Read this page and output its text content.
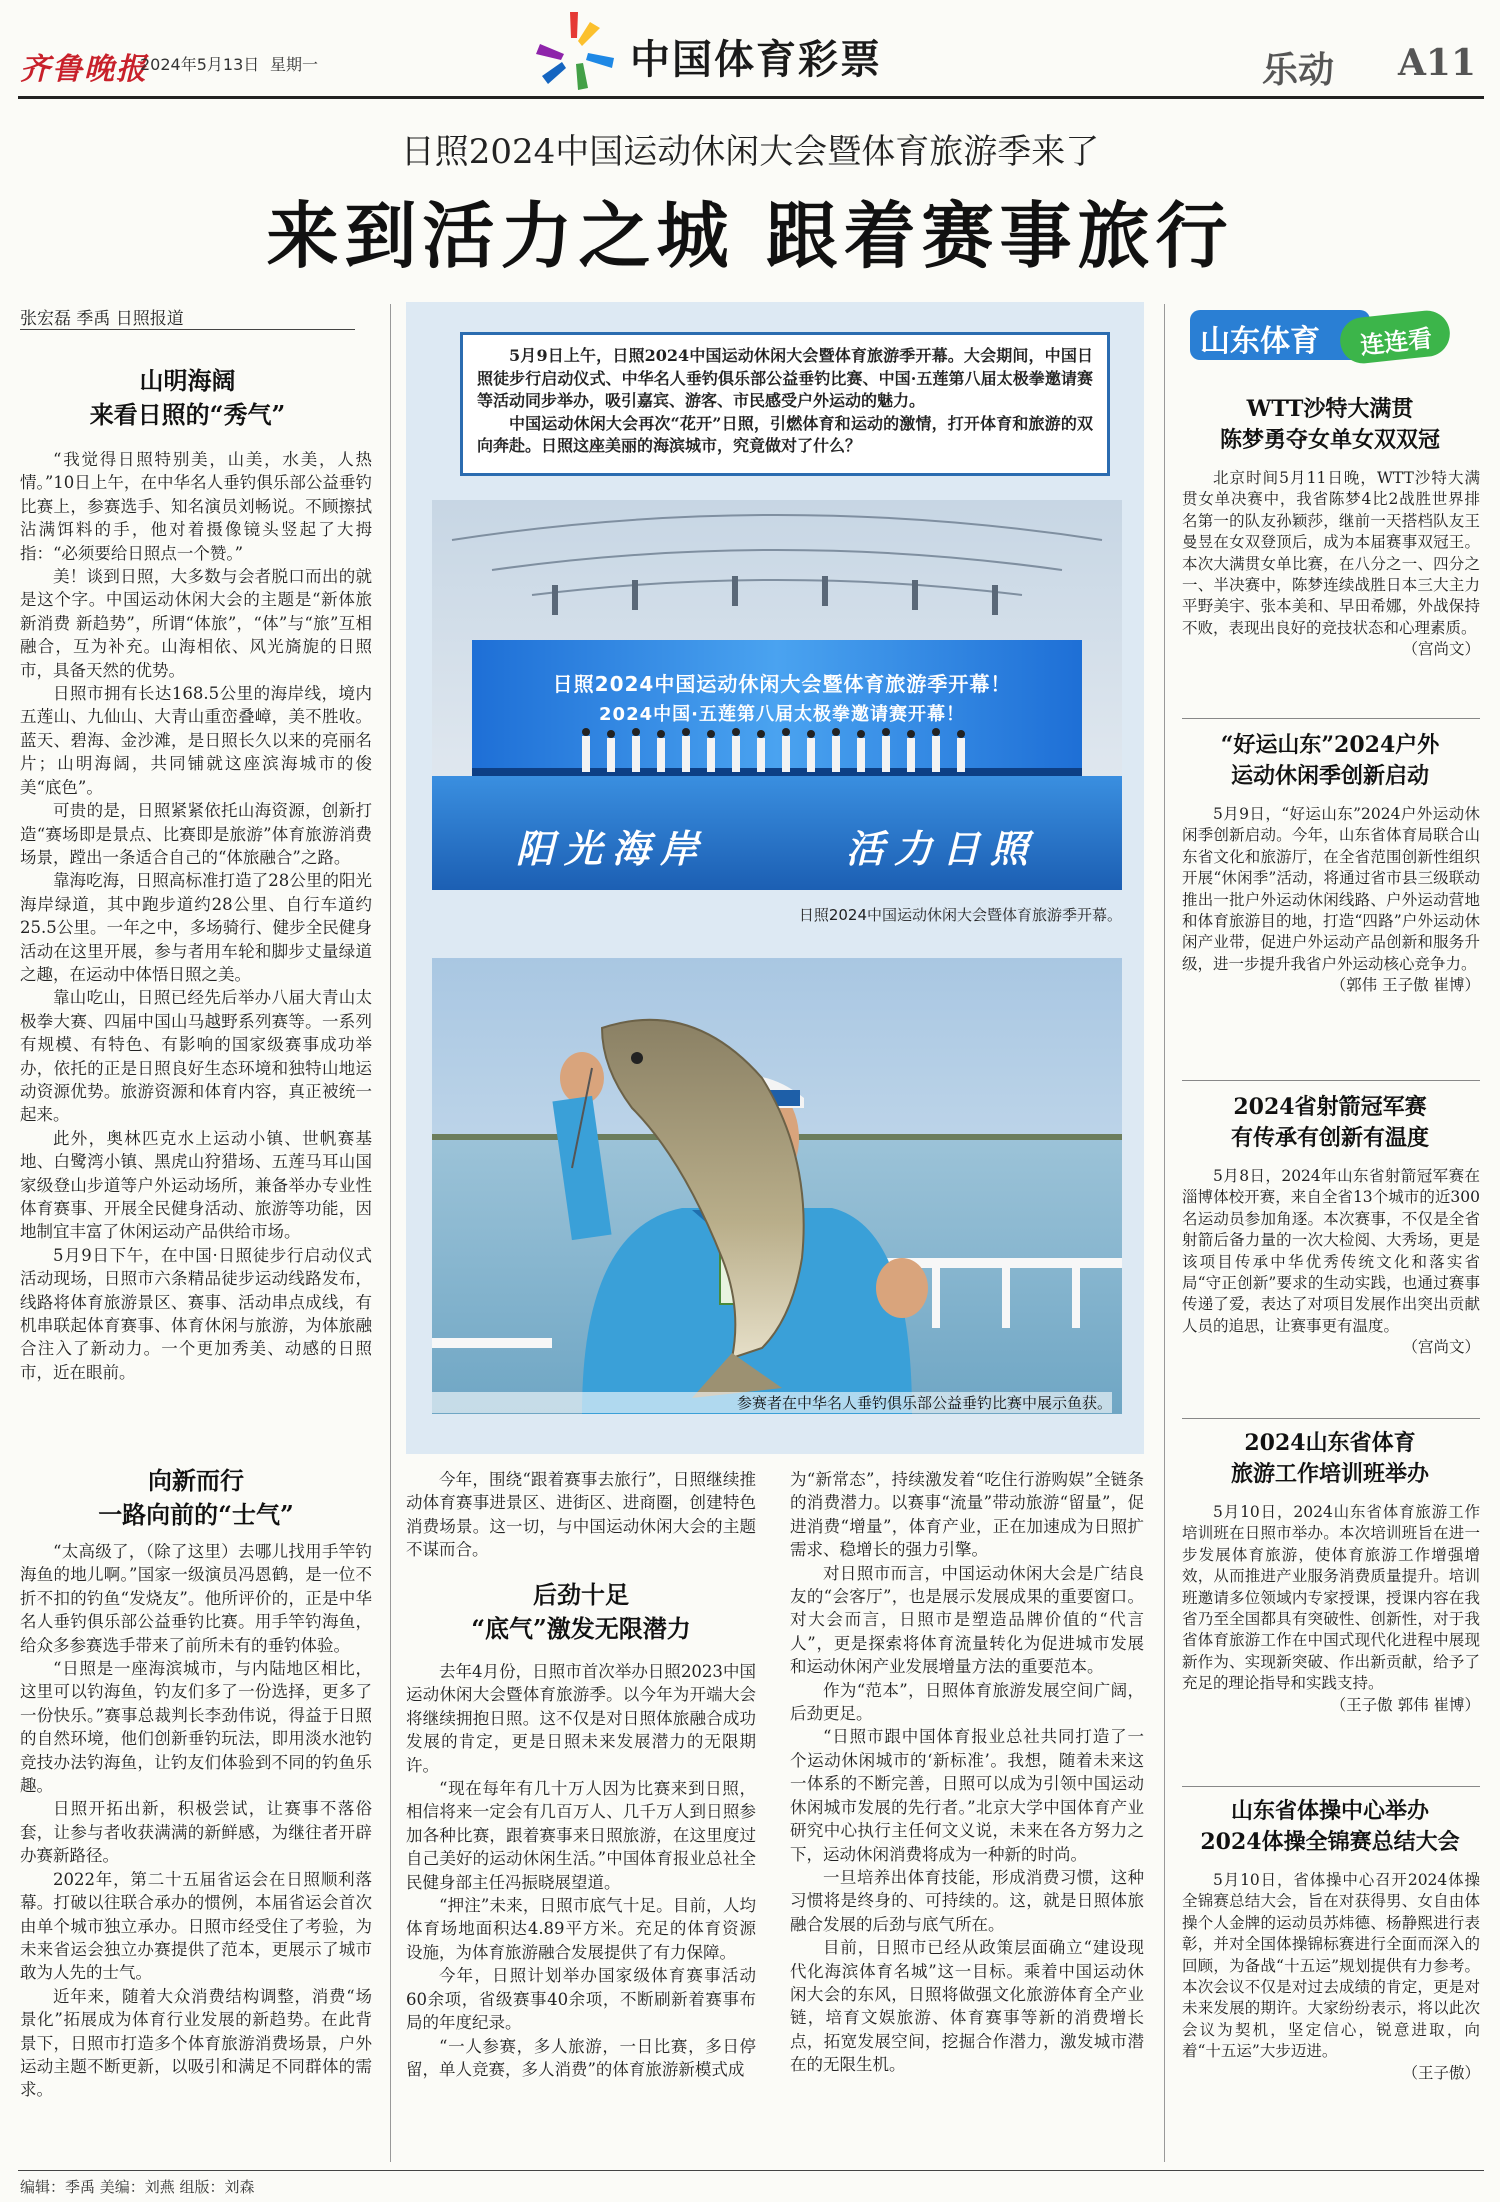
齐鲁晚报
2024年5月13日 星期一	中国体育彩票	乐动 A11
日照2024中国运动休闲大会暨体育旅游季来了
来到活力之城 跟着赛事旅行
张宏磊 季禹 日照报道
山明海阔
来看日照的“秀气”

“我觉得日照特别美，山美，水美，人热情。”10日上午，在中华名人垂钓俱乐部公益垂钓比赛上，参赛选手、知名演员刘畅说。不顾擦拭沾满饵料的手，他对着摄像镜头竖起了大拇指：“必须要给日照点一个赞。”

美！谈到日照，大多数与会者脱口而出的就是这个字。中国运动休闲大会的主题是“新体旅 新消费 新趋势”，所谓“体旅”，“体”与“旅”互相融合，互为补充。山海相依、风光旖旎的日照市，具备天然的优势。

日照市拥有长达168.5公里的海岸线，境内五莲山、九仙山、大青山重峦叠嶂，美不胜收。蓝天、碧海、金沙滩，是日照长久以来的亮丽名片；山明海阔，共同铺就这座滨海城市的俊美“底色”。

可贵的是，日照紧紧依托山海资源，创新打造“赛场即是景点、比赛即是旅游”体育旅游消费场景，蹚出一条适合自己的“体旅融合”之路。

靠海吃海，日照高标准打造了28公里的阳光海岸绿道，其中跑步道约28公里、自行车道约25.5公里。一年之中，多场骑行、健步全民健身活动在这里开展，参与者用车轮和脚步丈量绿道之趣，在运动中体悟日照之美。

靠山吃山，日照已经先后举办八届大青山太极拳大赛、四届中国山马越野系列赛等。一系列有规模、有特色、有影响的国家级赛事成功举办，依托的正是日照良好生态环境和独特山地运动资源优势。旅游资源和体育内容，真正被统一起来。

此外，奥林匹克水上运动小镇、世帆赛基地、白鹭湾小镇、黑虎山狩猎场、五莲马耳山国家级登山步道等户外运动场所，兼备举办专业性体育赛事、开展全民健身活动、旅游等功能，因地制宜丰富了休闲运动产品供给市场。

5月9日下午，在中国·日照徒步行启动仪式活动现场，日照市六条精品徒步运动线路发布，线路将体育旅游景区、赛事、活动串点成线，有机串联起体育赛事、体育休闲与旅游，为体旅融合注入了新动力。一个更加秀美、动感的日照市，近在眼前。

向新而行
一路向前的“士气”

“太高级了，（除了这里）去哪儿找用手竿钓海鱼的地儿啊。”国家一级演员冯恩鹤，是一位不折不扣的钓鱼“发烧友”。他所评价的，正是中华名人垂钓俱乐部公益垂钓比赛。用手竿钓海鱼，给众多参赛选手带来了前所未有的垂钓体验。

“日照是一座海滨城市，与内陆地区相比，这里可以钓海鱼，钓友们多了一份选择，更多了一份快乐。”赛事总裁判长李劲伟说，得益于日照的自然环境，他们创新垂钓玩法，即用淡水池钓竞技办法钓海鱼，让钓友们体验到不同的钓鱼乐趣。

日照开拓出新，积极尝试，让赛事不落俗套，让参与者收获满满的新鲜感，为继往者开辟办赛新路径。

2022年，第二十五届省运会在日照顺利落幕。打破以往联合承办的惯例，本届省运会首次由单个城市独立承办。日照市经受住了考验，为未来省运会独立办赛提供了范本，更展示了城市敢为人先的士气。

近年来，随着大众消费结构调整，消费“场景化”拓展成为体育行业发展的新趋势。在此背景下，日照市打造多个体育旅游消费场景，户外运动主题不断更新，以吸引和满足不同群体的需求。

5月9日上午，日照2024中国运动休闲大会暨体育旅游季开幕。大会期间，中国日照徒步行启动仪式、中华名人垂钓俱乐部公益垂钓比赛、中国·五莲第八届太极拳邀请赛等活动同步举办，吸引嘉宾、游客、市民感受户外运动的魅力。

中国运动休闲大会再次“花开”日照，引燃体育和运动的激情，打开体育和旅游的双向奔赴。日照这座美丽的海滨城市，究竟做对了什么？

日照2024中国运动休闲大会暨体育旅游季开幕！
2024中国·五莲第八届太极拳邀请赛开幕！
阳光海岸	活力日照
日照2024中国运动休闲大会暨体育旅游季开幕。
参赛者在中华名人垂钓俱乐部公益垂钓比赛中展示鱼获。

今年，围绕“跟着赛事去旅行”，日照继续推动体育赛事进景区、进街区、进商圈，创建特色消费场景。这一切，与中国运动休闲大会的主题不谋而合。

后劲十足
“底气”激发无限潜力

去年4月份，日照市首次举办日照2023中国运动休闲大会暨体育旅游季。以今年为开端大会将继续拥抱日照。这不仅是对日照体旅融合成功发展的肯定，更是日照未来发展潜力的无限期许。

“现在每年有几十万人因为比赛来到日照，相信将来一定会有几百万人、几千万人到日照参加各种比赛，跟着赛事来日照旅游，在这里度过自己美好的运动休闲生活。”中国体育报业总社全民健身部主任冯振晓展望道。

“押注”未来，日照市底气十足。目前，人均体育场地面积达4.89平方米。充足的体育资源设施，为体育旅游融合发展提供了有力保障。

今年，日照计划举办国家级体育赛事活动60余项，省级赛事40余项，不断刷新着赛事布局的年度纪录。

“一人参赛，多人旅游，一日比赛，多日停留，单人竞赛，多人消费”的体育旅游新模式成

为“新常态”，持续激发着“吃住行游购娱”全链条的消费潜力。以赛事“流量”带动旅游“留量”，促进消费“增量”，体育产业，正在加速成为日照扩需求、稳增长的强力引擎。

对日照市而言，中国运动休闲大会是广结良友的“会客厅”，也是展示发展成果的重要窗口。对大会而言，日照市是塑造品牌价值的“代言人”，更是探索将体育流量转化为促进城市发展和运动休闲产业发展增量方法的重要范本。

作为“范本”，日照体育旅游发展空间广阔，后劲更足。

“日照市跟中国体育报业总社共同打造了一个运动休闲城市的‘新标准’。我想，随着未来这一体系的不断完善，日照可以成为引领中国运动休闲城市发展的先行者。”北京大学中国体育产业研究中心执行主任何文义说，未来在各方努力之下，运动休闲消费将成为一种新的时尚。

一旦培养出体育技能，形成消费习惯，这种习惯将是终身的、可持续的。这，就是日照体旅融合发展的后劲与底气所在。

目前，日照市已经从政策层面确立“建设现代化海滨体育名城”这一目标。乘着中国运动休闲大会的东风，日照将做强文化旅游体育全产业链，培育文娱旅游、体育赛事等新的消费增长点，拓宽发展空间，挖掘合作潜力，激发城市潜在的无限生机。

山东体育	连连看
WTT沙特大满贯
陈梦勇夺女单女双双冠

北京时间5月11日晚，WTT沙特大满贯女单决赛中，我省陈梦4比2战胜世界排名第一的队友孙颖莎，继前一天搭档队友王曼昱在女双登顶后，成为本届赛事双冠王。本次大满贯女单比赛，在八分之一、四分之一、半决赛中，陈梦连续战胜日本三大主力平野美宇、张本美和、早田希娜，外战保持不败，表现出良好的竞技状态和心理素质。

（宫尚文）
“好运山东”2024户外
运动休闲季创新启动

5月9日，“好运山东”2024户外运动休闲季创新启动。今年，山东省体育局联合山东省文化和旅游厅，在全省范围创新性组织开展“休闲季”活动，将通过省市县三级联动推出一批户外运动休闲线路、户外运动营地和体育旅游目的地，打造“四路”户外运动休闲产业带，促进户外运动产品创新和服务升级，进一步提升我省户外运动核心竞争力。

（郭伟 王子傲 崔博）
2024省射箭冠军赛
有传承有创新有温度

5月8日，2024年山东省射箭冠军赛在淄博体校开赛，来自全省13个城市的近300名运动员参加角逐。本次赛事，不仅是全省射箭后备力量的一次大检阅、大秀场，更是该项目传承中华优秀传统文化和落实省局“守正创新”要求的生动实践，也通过赛事传递了爱，表达了对项目发展作出突出贡献人员的追思，让赛事更有温度。

（宫尚文）
2024山东省体育
旅游工作培训班举办

5月10日，2024山东省体育旅游工作培训班在日照市举办。本次培训班旨在进一步发展体育旅游，使体育旅游工作增强增效，从而推进产业服务消费质量提升。培训班邀请多位领域内专家授课，授课内容在我省乃至全国都具有突破性、创新性，对于我省体育旅游工作在中国式现代化进程中展现新作为、实现新突破、作出新贡献，给予了充足的理论指导和实践支持。

（王子傲 郭伟 崔博）
山东省体操中心举办
2024体操全锦赛总结大会

5月10日，省体操中心召开2024体操全锦赛总结大会，旨在对获得男、女自由体操个人金牌的运动员苏炜德、杨静熙进行表彰，并对全国体操锦标赛进行全面而深入的回顾，为备战“十五运”规划提供有力参考。本次会议不仅是对过去成绩的肯定，更是对未来发展的期许。大家纷纷表示，将以此次会议为契机，坚定信心，锐意进取，向着“十五运”大步迈进。

（王子傲）
编辑：季禹 美编：刘燕 组版：刘森
